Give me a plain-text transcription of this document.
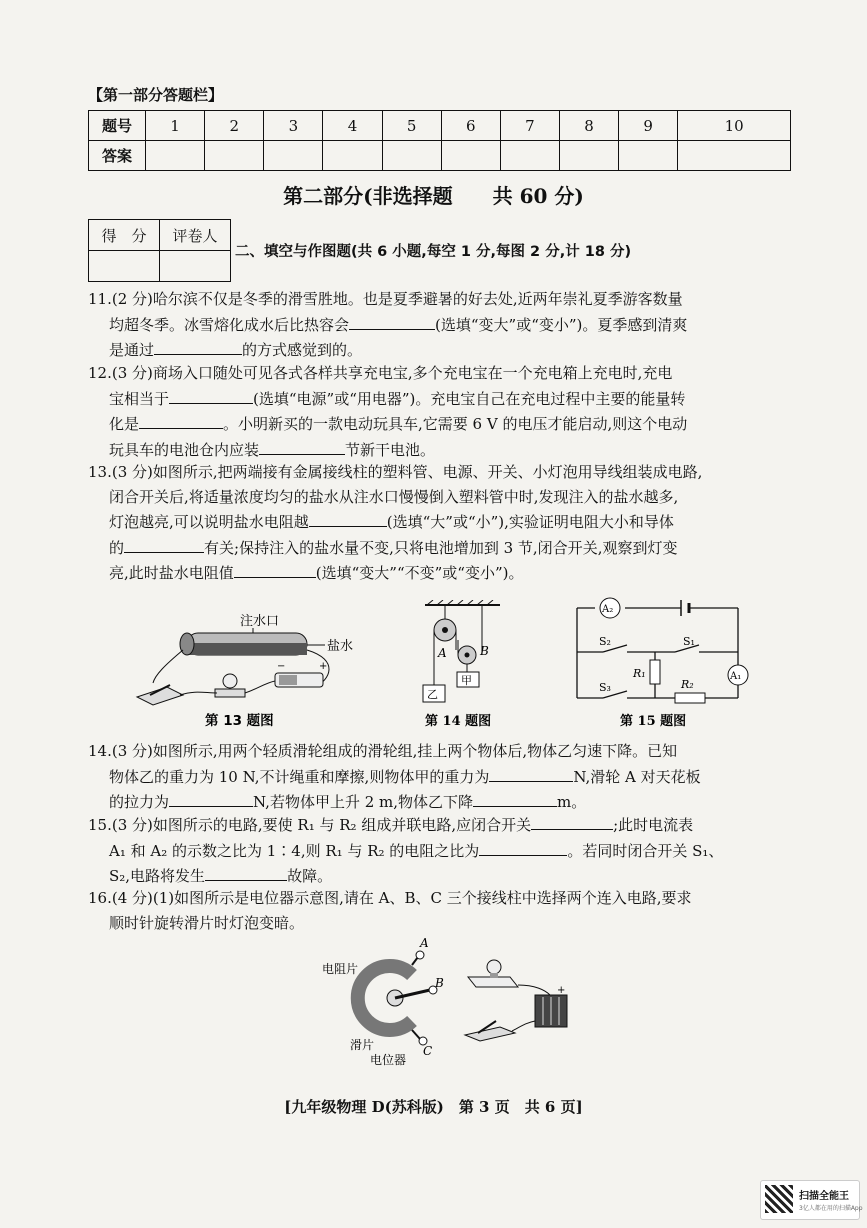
【第一部分答题栏】
题号	1	2	3	4	5	6	7	8	9	10
答案										
第二部分(非选择题　　共 60 分)
得　分	评卷人

二、填空与作图题(共 6 小题,每空 1 分,每图 2 分,计 18 分)

11.(2 分)哈尔滨不仅是冬季的滑雪胜地。也是夏季避暑的好去处,近两年崇礼夏季游客数量

均超冬季。冰雪熔化成水后比热容会	(选填“变大”或“变小”)。夏季感到清爽

是通过	的方式感觉到的。

12.(3 分)商场入口随处可见各式各样共享充电宝,多个充电宝在一个充电箱上充电时,充电

宝相当于	(选填“电源”或“用电器”)。充电宝自己在充电过程中主要的能量转

化是	。小明新买的一款电动玩具车,它需要 6 V 的电压才能启动,则这个电动

玩具车的电池仓内应装	节新干电池。

13.(3 分)如图所示,把两端接有金属接线柱的塑料管、电源、开关、小灯泡用导线组装成电路,

闭合开关后,将适量浓度均匀的盐水从注水口慢慢倒入塑料管中时,发现注入的盐水越多,

灯泡越亮,可以说明盐水电阻越	(选填“大”或“小”),实验证明电阻大小和导体

的	有关;保持注入的盐水量不变,只将电池增加到 3 节,闭合开关,观察到灯变

亮,此时盐水电阻值	(选填“变大”“不变”或“变小”)。

注水口
盐水
−	+
第 13 题图
A	B
甲
乙
第 14 题图
A₂
A₁
S₂	S₁
S₃
R₁
R₂
第 15 题图

14.(3 分)如图所示,用两个轻质滑轮组成的滑轮组,挂上两个物体后,物体乙匀速下降。已知

物体乙的重力为 10 N,不计绳重和摩擦,则物体甲的重力为	N,滑轮 A 对天花板

的拉力为	N,若物体甲上升 2 m,物体乙下降	m。

15.(3 分)如图所示的电路,要使 R₁ 与 R₂ 组成并联电路,应闭合开关	;此时电流表

A₁ 和 A₂ 的示数之比为 1∶4,则 R₁ 与 R₂ 的电阻之比为	。若同时闭合开关 S₁、

S₂,电路将发生	故障。

16.(4 分)(1)如图所示是电位器示意图,请在 A、B、C 三个接线柱中选择两个连入电路,要求

顺时针旋转滑片时灯泡变暗。

电阻片
A
B
C
滑片
电位器
+
[九年级物理 D(苏科版)　第 3 页　共 6 页]
扫描全能王
3亿人都在用的扫描App
